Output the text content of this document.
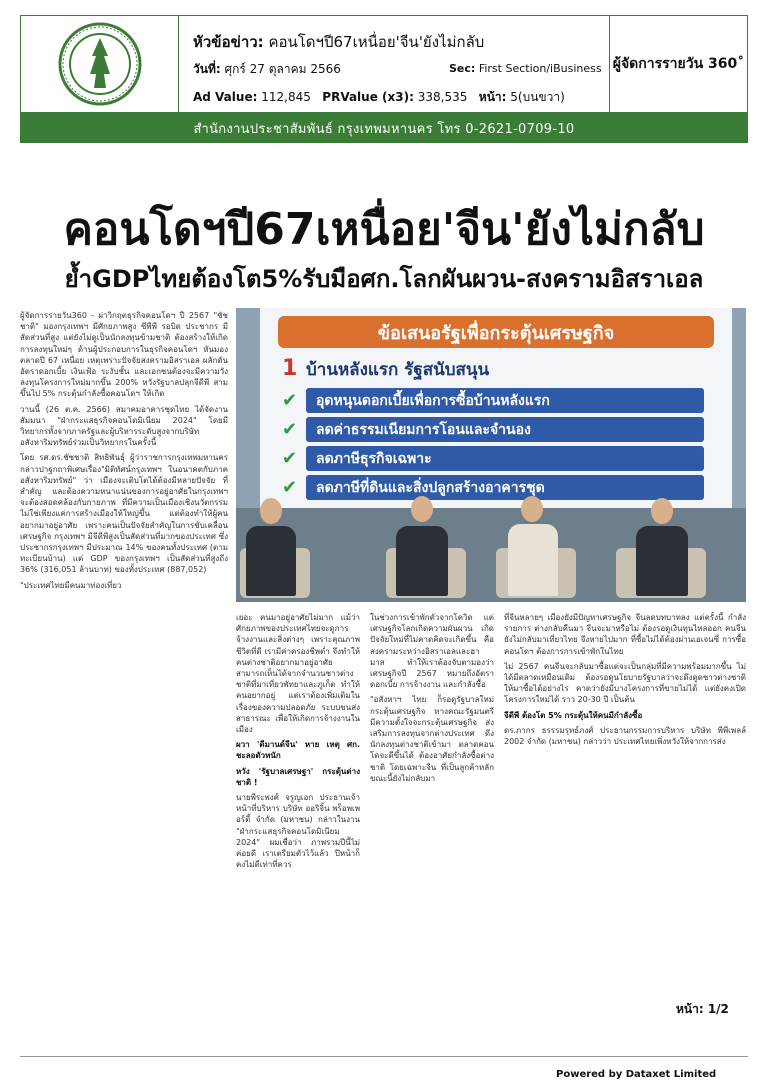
หัวข้อข่าว: คอนโดฯปี67เหนื่อย'จีน'ยังไม่กลับ
วันที่: ศุกร์ 27 ตุลาคม 2566	Sec: First Section/iBusiness
Ad Value: 112,845 PRValue (x3): 338,535 หน้า: 5(บนขวา)
ผู้จัดการรายวัน 360˚
สำนักงานประชาสัมพันธ์ กรุงเทพมหานคร โทร 0-2621-0709-10
คอนโดฯปี67เหนื่อย'จีน'ยังไม่กลับ
ย้ำGDPไทยต้องโต5%รับมือศก.โลกผันผวน-สงครามอิสราเอล

ผู้จัดการรายวัน360 - ผ่าวิกฤตธุรกิจคอนโดฯ ปี 2567 "ชัชชาติ" มองกรุงเทพฯ มีศักยภาพสูง ซีพีพี รอบิด ประชากร มีสัดส่วนที่สูง แต่ยังไม่ดูเป็นนักลงทุนข้ามชาติ ต้องสร้างให้เกิดการลงทุนใหม่ๆ ด้านผู้ประกอบการในธุรกิจคอนโดฯ หันมองตลาดปี 67 เหนื่อย เหตุเพราะปัจจัยสงครามอิสราเอล ผลักดันอัตราดอกเบี้ย เงินเฟ้อ ระงับชั้น และเอกชนต้องจะมีความวังลงทุนโครงการใหม่มากขึ้น 200% หวังรัฐบาลปลุกจีดีพี สามขึ้นไป 5% กระตุ้นกำลังซื้อคอนโดฯ ให้เกิด

วานนี้ (26 ต.ค. 2566) สมาคมอาคารชุดไทย ได้จัดงานสัมมนา "ฝ่ากระแสธุรกิจคอนโดมิเนียม 2024" โดยมีวิทยากรทั้งจากภาครัฐและผู้บริหารระดับสูงจากบริษัทอสังหาริมทรัพย์ร่วมเป็นวิทยากรในครั้งนี้

โดย รศ.ดร.ชัชชาติ สิทธิพันธุ์ ผู้ว่าราชการกรุงเทพมหานคร กล่าวปาฐกถาพิเศษเรื่อง"มิติทัศน์กรุงเทพฯ ในอนาคตกับภาคอสังหาริมทรัพย์" ว่า เมืองจะเติบโตได้ต้องมีหลายปัจจัย ที่สำคัญ และต้องความหนาแน่นของการอยู่อาศัยในกรุงเทพฯ จะต้องสอดคล้องกับกายภาพ ที่มีความเป็นเมืองเชิงนวัตกรรม ไม่ใช่เพียงแค่การสร้างเมืองให้ใหญ่ขึ้น แต่ต้องทำให้ผู้คนอยากมาอยู่อาศัย เพราะคนเป็นปัจจัยสำคัญในการขับเคลื่อนเศรษฐกิจ กรุงเทพฯ มีจีดีพีสูงเป็นสัดส่วนที่มากของประเทศ ซึ่งประชากรกรุงเทพฯ มีประมาณ 14% ของคนทั้งประเทศ (ตามทะเบียนบ้าน) แต่ GDP ของกรุงเทพฯ เป็นสัดส่วนที่สูงถึง 36% (316,051 ล้านบาท) ของทั้งประเทศ (887,052)

"ประเทศไทยมีคนมาท่องเที่ยว

ข้อเสนอรัฐเพื่อกระตุ้นเศรษฐกิจ
1 บ้านหลังแรก รัฐสนับสนุน
✔	อุดหนุนดอกเบี้ยเพื่อการซื้อบ้านหลังแรก
✔	ลดค่าธรรมเนียมการโอนและจำนอง
✔	ลดภาษีธุรกิจเฉพาะ
✔	ลดภาษีที่ดินและสิ่งปลูกสร้างอาคารชุด

เยอะ คนมาอยู่อาศัยไม่มาก แม้ว่าศักยภาพของประเทศไทยจะดูการจ้างงานและสิ่งต่างๆ เพราะคุณภาพชีวิตที่ดี เรามีค่าครองชีพต่ำ จึงทำให้คนต่างชาติอยากมาอยู่อาศัย สามารถเห็นได้จากจำนวนชาวต่างชาติที่มาเที่ยวพัทยาและภูเก็ต ทำให้คนอยากอยู่ แต่เราต้องเพิ่มเติมในเรื่องของความปลอดภัย ระบบขนส่งสาธารณะ เพื่อให้เกิดการจ้างงานในเมือง

ผวา 'ดีมานด์จีน' หาย เหตุ ศก. ชะลอตัวหนัก

หวัง 'รัฐบาลเศรษฐา' กระตุ้นต่างชาติ !

นายพีระพงศ์ จรูญเอก ประธานเจ้าหน้าที่บริหาร บริษัท ออริจิ้น พร็อพเพอร์ตี้ จำกัด (มหาชน) กล่าวในงาน "ฝ่ากระแสธุรกิจคอนโดมิเนียม 2024" ผมเชื่อว่า ภาพรวมปีนี้ไม่ค่อยดี เราเตรียมตัวไว้แล้ว ปีหน้าก็คงไม่ดีเท่าที่ควร

ในช่วงการเข้าพักตัวจากโควิด แต่เศรษฐกิจโลกเกิดความผันผวน เกิดปัจจัยใหม่ที่ไม่คาดคิดจะเกิดขึ้น คือสงครามระหว่างอิสราเอลและฮามาส ทำให้เราต้องจับตามองว่าเศรษฐกิจปี 2567 หมายถึงอัตราดอกเบี้ย การจ้างงาน และกำลังซื้อ

"อสังหาฯ ไทย ก็รอดูรัฐบาลใหม่ กระตุ้นเศรษฐกิจ ทางคณะรัฐมนตรี มีความตั้งใจจะกระตุ้นเศรษฐกิจ ส่งเสริมการลงทุนจากต่างประเทศ ดึงนักลงทุนต่างชาติเข้ามา ตลาดคอนโดจะดีขึ้นได้ ต้องอาศัยกำลังซื้อต่างชาติ โดยเฉพาะจีน ที่เป็นลูกค้าหลัก ขณะนี้ยังไม่กลับมา

ที่จีนหลายๆ เมืองยังมีปัญหาเศรษฐกิจ จีนลดบทบาทลง แต่ครั้งนี้ กำลังรายการ ต่างกลับคืนมา จีนจะมาหรือไม่ ต้องรอดูเงินทุนไหลออก คนจีนยังไม่กลับมาเที่ยวไทย จึงหายไปมาก ที่ซื้อไม่ได้ต้องผ่านเอเจนซี่ การซื้อคอนโดฯ ต้องการการเข้าพักในไทย

ไม่ 2567 คนจีนจะกลับมาซื้อแต่จะเป็นกลุ่มที่มีความพร้อมมากขึ้น ไม่ได้มีตลาดเหมือนเดิม ต้องรอดูนโยบายรัฐบาลว่าจะดึงดูดชาวต่างชาติให้มาซื้อได้อย่างไร คาดว่ายังมีบางโครงการที่ขายไม่ได้ แต่ยังคงเปิดโครงการใหม่ได้ ราว 20-30 ปี เป็นต้น

จีดีพี ต้องโต 5% กระตุ้นให้คนมีกำลังซื้อ

ดร.ภากร ธรรรมรุทธ์ภงศ์ ประธานกรรมการบริหาร บริษัท พีพีเพลล์ 2002 จำกัด (มหาชน) กล่าวว่า ประเทศไทยเพิ่งหวังให้จากการส่ง

หน้า: 1/2
Powered by Dataxet Limited
